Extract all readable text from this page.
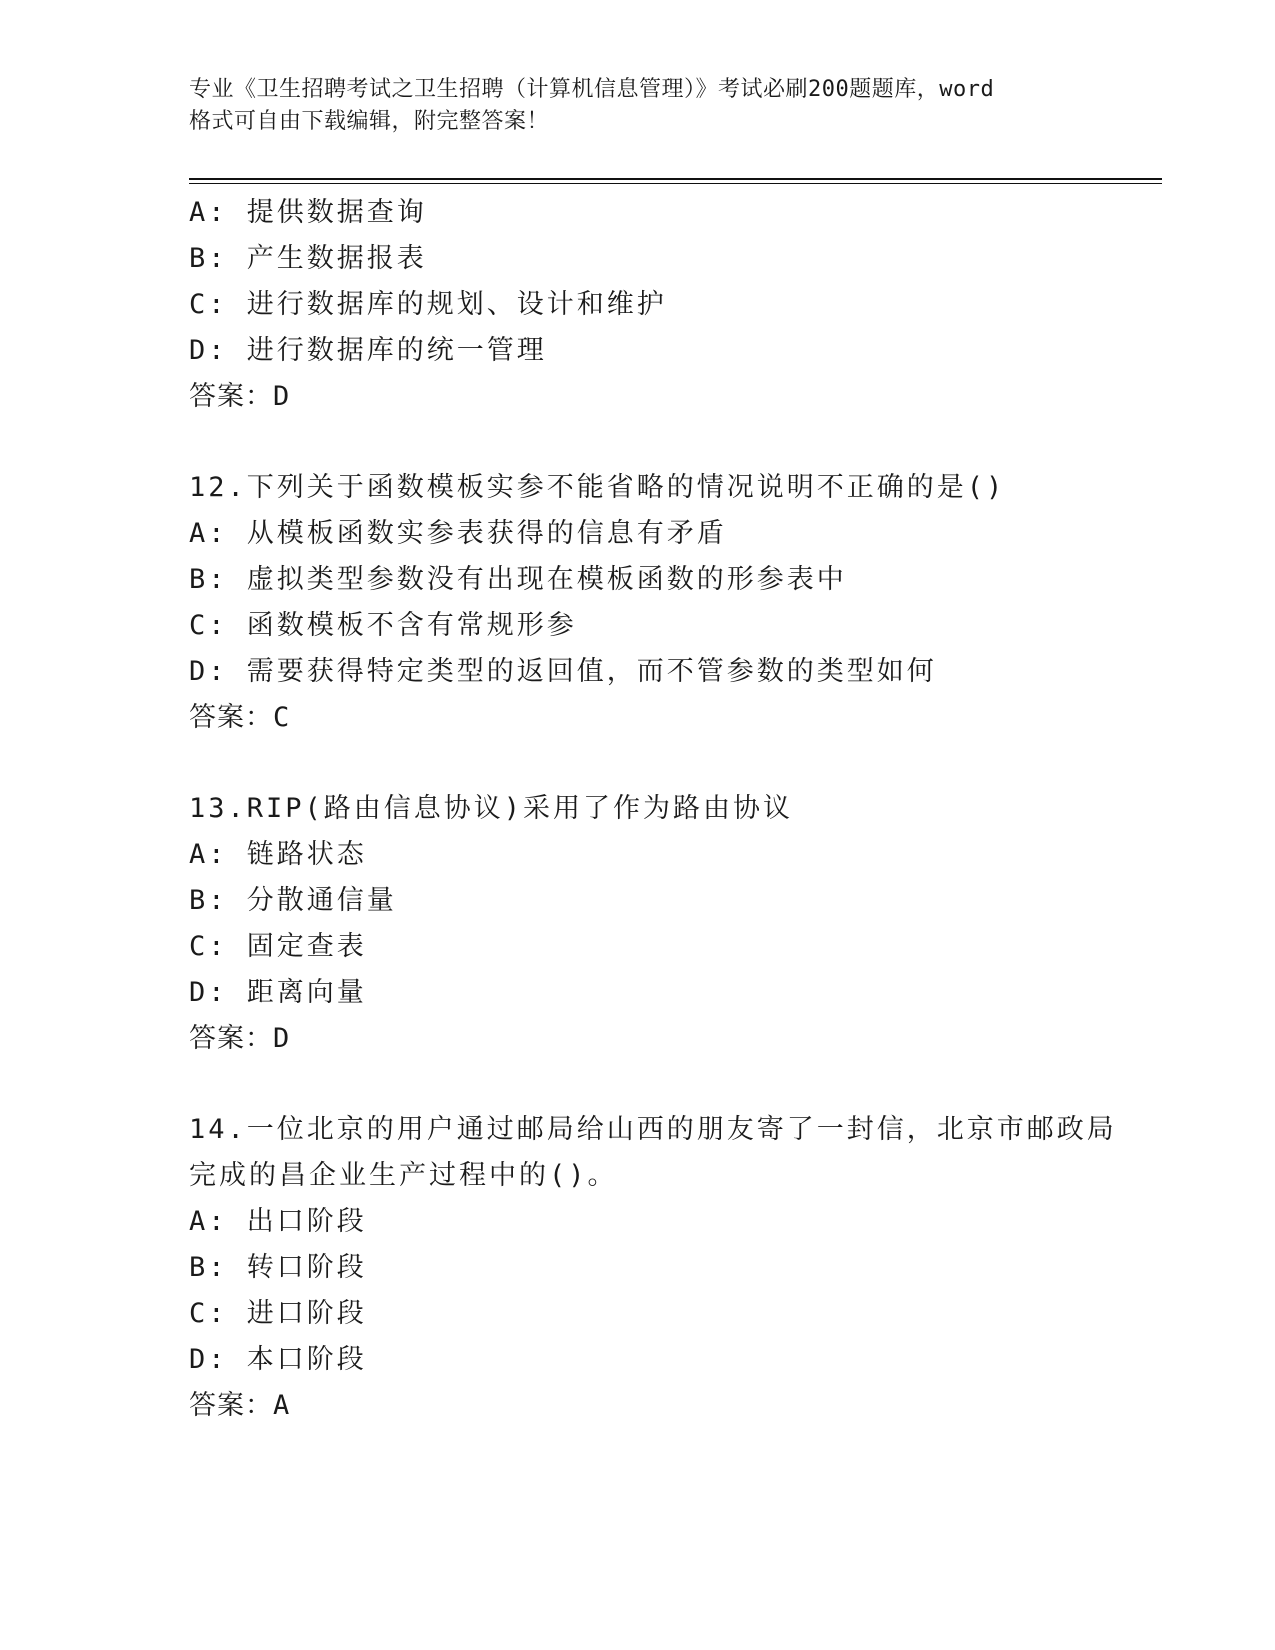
专业《卫生招聘考试之卫生招聘（计算机信息管理）》考试必刷200题题库，word
格式可自由下载编辑，附完整答案！
A: 提供数据查询
B: 产生数据报表
C: 进行数据库的规划、设计和维护
D: 进行数据库的统一管理
答案：D
12.下列关于函数模板实参不能省略的情况说明不正确的是()
A: 从模板函数实参表获得的信息有矛盾
B: 虚拟类型参数没有出现在模板函数的形参表中
C: 函数模板不含有常规形参
D: 需要获得特定类型的返回值，而不管参数的类型如何
答案：C
13.RIP(路由信息协议)采用了作为路由协议
A: 链路状态
B: 分散通信量
C: 固定查表
D: 距离向量
答案：D
14.一位北京的用户通过邮局给山西的朋友寄了一封信，北京市邮政局
完成的昌企业生产过程中的()。
A: 出口阶段
B: 转口阶段
C: 进口阶段
D: 本口阶段
答案：A
